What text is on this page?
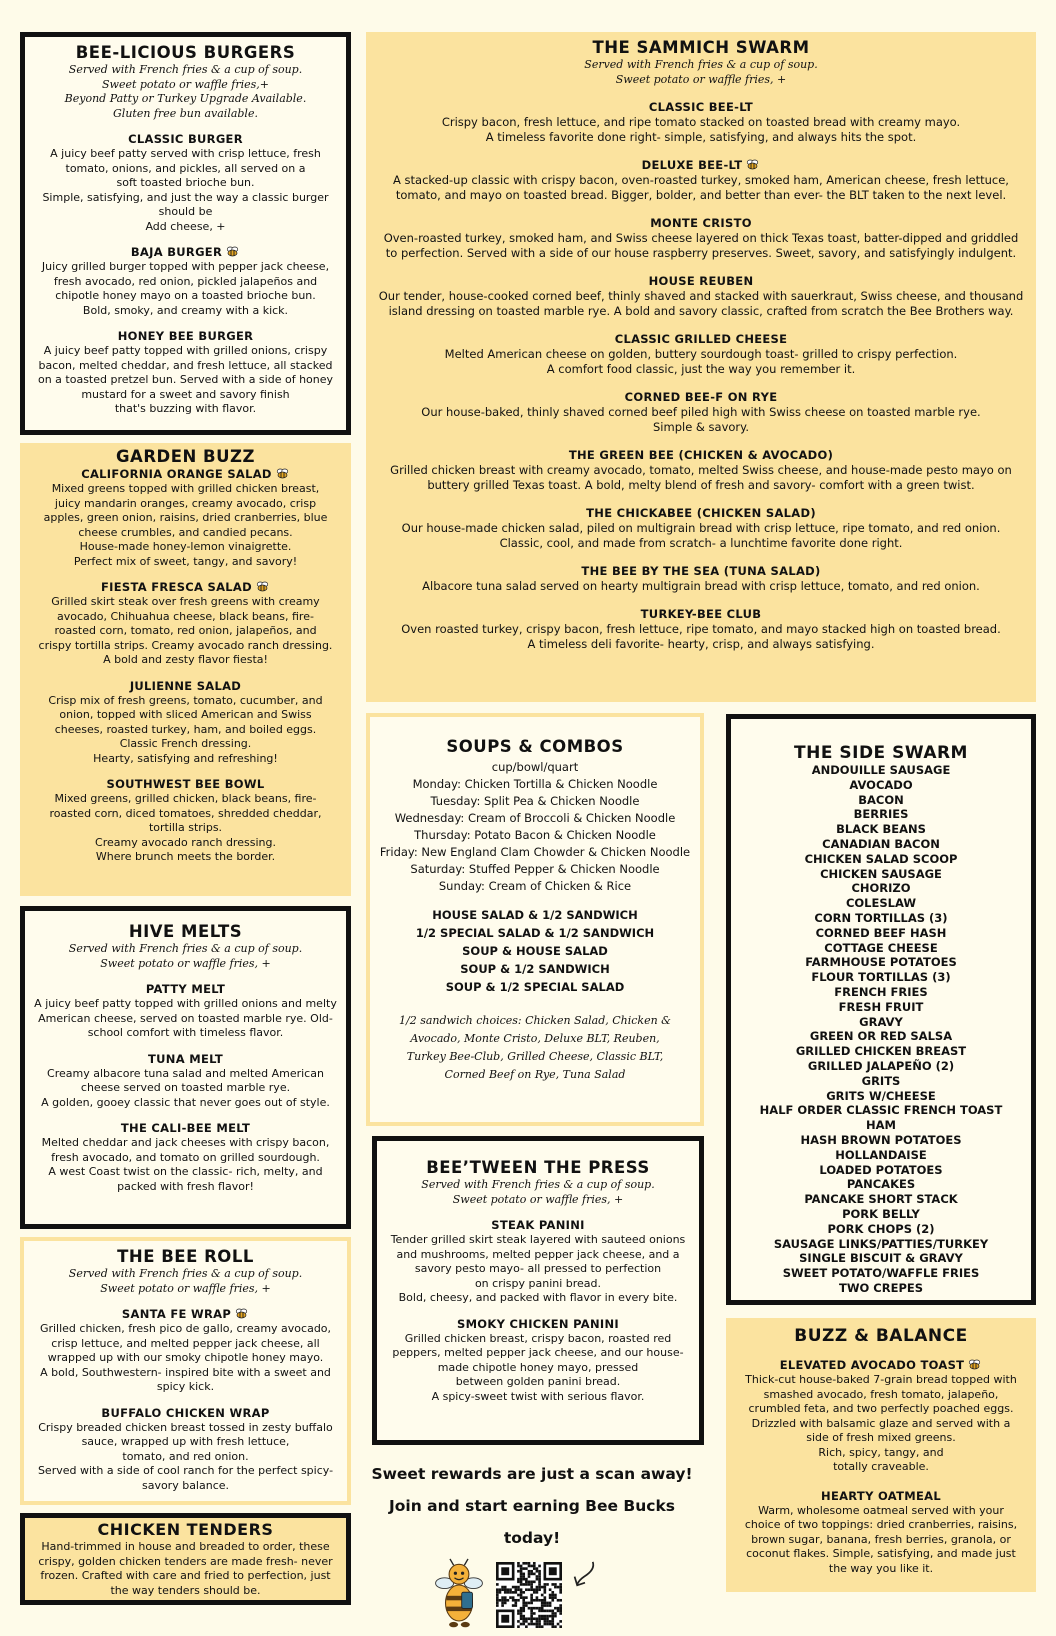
BEE-LICIOUS BURGERS
Served with French fries & a cup of soup.
Sweet potato or waffle fries,+
Beyond Patty or Turkey Upgrade Available.
Gluten free bun available.
CLASSIC BURGER
A juicy beef patty served with crisp lettuce, fresh
tomato, onions, and pickles, all served on a
soft toasted brioche bun.
Simple, satisfying, and just the way a classic burger
should be
Add cheese, +
BAJA BURGER
Juicy grilled burger topped with pepper jack cheese,
fresh avocado, red onion, pickled jalapeños and
chipotle honey mayo on a toasted brioche bun.
Bold, smoky, and creamy with a kick.
HONEY BEE BURGER
A juicy beef patty topped with grilled onions, crispy
bacon, melted cheddar, and fresh lettuce, all stacked
on a toasted pretzel bun. Served with a side of honey
mustard for a sweet and savory finish
that's buzzing with flavor.
GARDEN BUZZ
CALIFORNIA ORANGE SALAD
Mixed greens topped with grilled chicken breast,
juicy mandarin oranges, creamy avocado, crisp
apples, green onion, raisins, dried cranberries, blue
cheese crumbles, and candied pecans.
House-made honey-lemon vinaigrette.
Perfect mix of sweet, tangy, and savory!
FIESTA FRESCA SALAD
Grilled skirt steak over fresh greens with creamy
avocado, Chihuahua cheese, black beans, fire-
roasted corn, tomato, red onion, jalapeños, and
crispy tortilla strips. Creamy avocado ranch dressing.
A bold and zesty flavor fiesta!
JULIENNE SALAD
Crisp mix of fresh greens, tomato, cucumber, and
onion, topped with sliced American and Swiss
cheeses, roasted turkey, ham, and boiled eggs.
Classic French dressing.
Hearty, satisfying and refreshing!
SOUTHWEST BEE BOWL
Mixed greens, grilled chicken, black beans, fire-
roasted corn, diced tomatoes, shredded cheddar,
tortilla strips.
Creamy avocado ranch dressing.
Where brunch meets the border.
HIVE MELTS
Served with French fries & a cup of soup.
Sweet potato or waffle fries, +
PATTY MELT
A juicy beef patty topped with grilled onions and melty
American cheese, served on toasted marble rye. Old-
school comfort with timeless flavor.
TUNA MELT
Creamy albacore tuna salad and melted American
cheese served on toasted marble rye.
A golden, gooey classic that never goes out of style.
THE CALI-BEE MELT
Melted cheddar and jack cheeses with crispy bacon,
fresh avocado, and tomato on grilled sourdough.
A west Coast twist on the classic- rich, melty, and
packed with fresh flavor!
THE BEE ROLL
Served with French fries & a cup of soup.
Sweet potato or waffle fries, +
SANTA FE WRAP
Grilled chicken, fresh pico de gallo, creamy avocado,
crisp lettuce, and melted pepper jack cheese, all
wrapped up with our smoky chipotle honey mayo.
A bold, Southwestern- inspired bite with a sweet and
spicy kick.
BUFFALO CHICKEN WRAP
Crispy breaded chicken breast tossed in zesty buffalo
sauce, wrapped up with fresh lettuce,
tomato, and red onion.
Served with a side of cool ranch for the perfect spicy-
savory balance.
CHICKEN TENDERS
Hand-trimmed in house and breaded to order, these
crispy, golden chicken tenders are made fresh- never
frozen. Crafted with care and fried to perfection, just
the way tenders should be.
THE SAMMICH SWARM
Served with French fries & a cup of soup.
Sweet potato or waffle fries, +
CLASSIC BEE-LT
Crispy bacon, fresh lettuce, and ripe tomato stacked on toasted bread with creamy mayo.
A timeless favorite done right- simple, satisfying, and always hits the spot.
DELUXE BEE-LT
A stacked-up classic with crispy bacon, oven-roasted turkey, smoked ham, American cheese, fresh lettuce,
tomato, and mayo on toasted bread. Bigger, bolder, and better than ever- the BLT taken to the next level.
MONTE CRISTO
Oven-roasted turkey, smoked ham, and Swiss cheese layered on thick Texas toast, batter-dipped and griddled
to perfection. Served with a side of our house raspberry preserves. Sweet, savory, and satisfyingly indulgent.
HOUSE REUBEN
Our tender, house-cooked corned beef, thinly shaved and stacked with sauerkraut, Swiss cheese, and thousand
island dressing on toasted marble rye. A bold and savory classic, crafted from scratch the Bee Brothers way.
CLASSIC GRILLED CHEESE
Melted American cheese on golden, buttery sourdough toast- grilled to crispy perfection.
A comfort food classic, just the way you remember it.
CORNED BEE-F ON RYE
Our house-baked, thinly shaved corned beef piled high with Swiss cheese on toasted marble rye.
Simple & savory.
THE GREEN BEE (CHICKEN & AVOCADO)
Grilled chicken breast with creamy avocado, tomato, melted Swiss cheese, and house-made pesto mayo on
buttery grilled Texas toast. A bold, melty blend of fresh and savory- comfort with a green twist.
THE CHICKABEE (CHICKEN SALAD)
Our house-made chicken salad, piled on multigrain bread with crisp lettuce, ripe tomato, and red onion.
Classic, cool, and made from scratch- a lunchtime favorite done right.
THE BEE BY THE SEA (TUNA SALAD)
Albacore tuna salad served on hearty multigrain bread with crisp lettuce, tomato, and red onion.
TURKEY-BEE CLUB
Oven roasted turkey, crispy bacon, fresh lettuce, ripe tomato, and mayo stacked high on toasted bread.
A timeless deli favorite- hearty, crisp, and always satisfying.
SOUPS & COMBOS
cup/bowl/quart
Monday: Chicken Tortilla & Chicken Noodle
Tuesday: Split Pea & Chicken Noodle
Wednesday: Cream of Broccoli & Chicken Noodle
Thursday: Potato Bacon & Chicken Noodle
Friday: New England Clam Chowder & Chicken Noodle
Saturday: Stuffed Pepper & Chicken Noodle
Sunday: Cream of Chicken & Rice
HOUSE SALAD & 1/2 SANDWICH
1/2 SPECIAL SALAD & 1/2 SANDWICH
SOUP & HOUSE SALAD
SOUP & 1/2 SANDWICH
SOUP & 1/2 SPECIAL SALAD
1/2 sandwich choices: Chicken Salad, Chicken &
Avocado, Monte Cristo, Deluxe BLT, Reuben,
Turkey Bee-Club, Grilled Cheese, Classic BLT,
Corned Beef on Rye, Tuna Salad
BEE’TWEEN THE PRESS
Served with French fries & a cup of soup.
Sweet potato or waffle fries, +
STEAK PANINI
Tender grilled skirt steak layered with sauteed onions
and mushrooms, melted pepper jack cheese, and a
savory pesto mayo- all pressed to perfection
on crispy panini bread.
Bold, cheesy, and packed with flavor in every bite.
SMOKY CHICKEN PANINI
Grilled chicken breast, crispy bacon, roasted red
peppers, melted pepper jack cheese, and our house-
made chipotle honey mayo, pressed
between golden panini bread.
A spicy-sweet twist with serious flavor.
Sweet rewards are just a scan away!
Join and start earning Bee Bucks today!
THE SIDE SWARM
ANDOUILLE SAUSAGE
AVOCADO
BACON
BERRIES
BLACK BEANS
CANADIAN BACON
CHICKEN SALAD SCOOP
CHICKEN SAUSAGE
CHORIZO
COLESLAW
CORN TORTILLAS (3)
CORNED BEEF HASH
COTTAGE CHEESE
FARMHOUSE POTATOES
FLOUR TORTILLAS (3)
FRENCH FRIES
FRESH FRUIT
GRAVY
GREEN OR RED SALSA
GRILLED CHICKEN BREAST
GRILLED JALAPEÑO (2)
GRITS
GRITS W/CHEESE
HALF ORDER CLASSIC FRENCH TOAST
HAM
HASH BROWN POTATOES
HOLLANDAISE
LOADED POTATOES
PANCAKES
PANCAKE SHORT STACK
PORK BELLY
PORK CHOPS (2)
SAUSAGE LINKS/PATTIES/TURKEY
SINGLE BISCUIT & GRAVY
SWEET POTATO/WAFFLE FRIES
TWO CREPES
BUZZ & BALANCE
ELEVATED AVOCADO TOAST
Thick-cut house-baked 7-grain bread topped with
smashed avocado, fresh tomato, jalapeño,
crumbled feta, and two perfectly poached eggs.
Drizzled with balsamic glaze and served with a
side of fresh mixed greens.
Rich, spicy, tangy, and
totally craveable.
HEARTY OATMEAL
Warm, wholesome oatmeal served with your
choice of two toppings: dried cranberries, raisins,
brown sugar, banana, fresh berries, granola, or
coconut flakes. Simple, satisfying, and made just
the way you like it.
